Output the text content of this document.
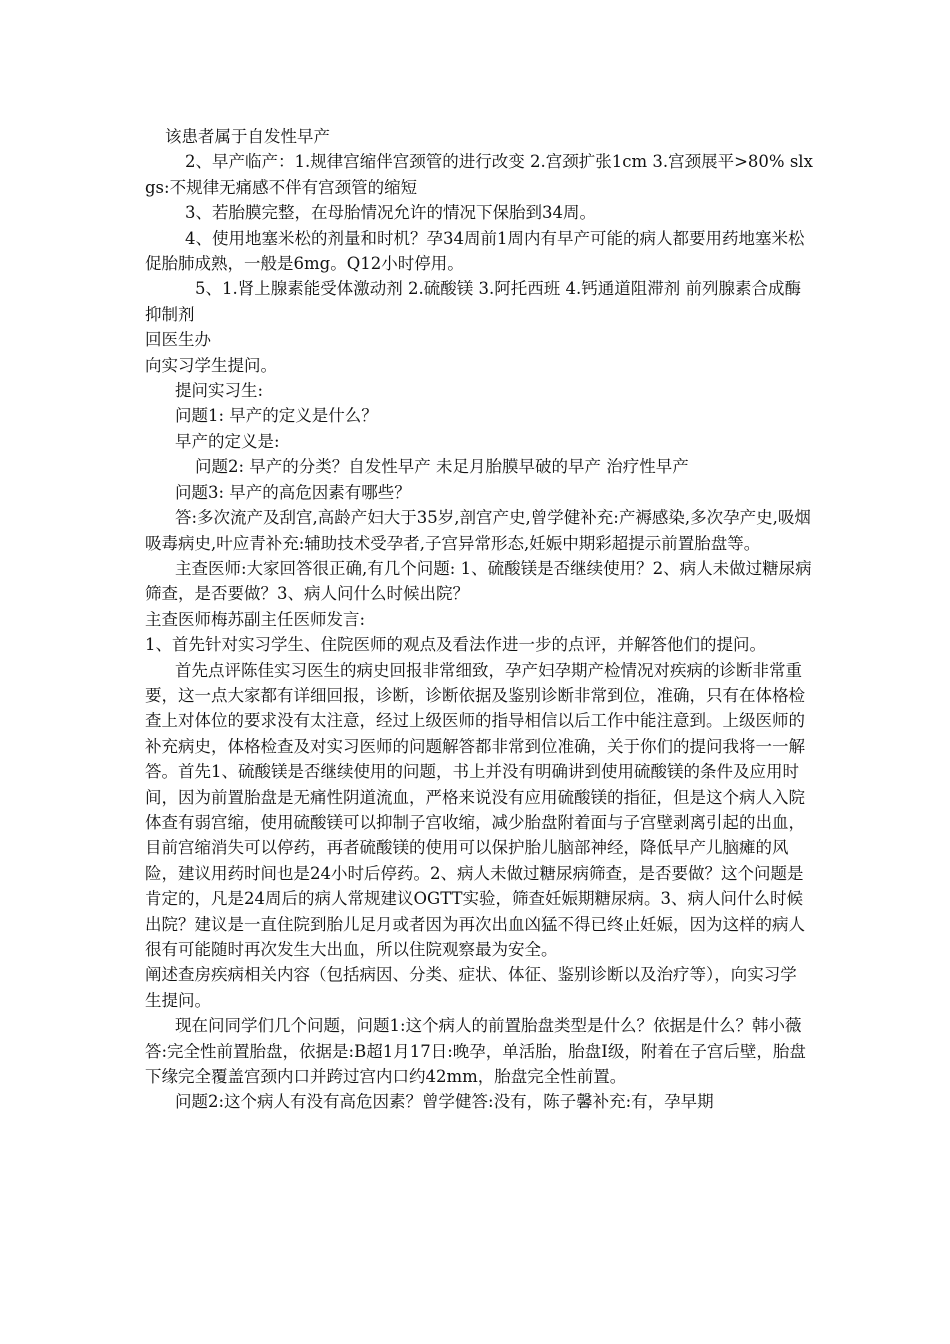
该患者属于自发性早产

2、早产临产：1.规律宫缩伴宫颈管的进行改变 2.宫颈扩张1cm 3.宫颈展平>80% slxgs:不规律无痛感不伴有宫颈管的缩短

3、若胎膜完整，在母胎情况允许的情况下保胎到34周。

4、使用地塞米松的剂量和时机？孕34周前1周内有早产可能的病人都要用药地塞米松促胎肺成熟，一般是6mg。Q12小时停用。

5、1.肾上腺素能受体激动剂 2.硫酸镁 3.阿托西班 4.钙通道阻滞剂 前列腺素合成酶抑制剂

回医生办

向实习学生提问。

提问实习生:

问题1: 早产的定义是什么？

早产的定义是:

问题2: 早产的分类？自发性早产 未足月胎膜早破的早产 治疗性早产

问题3: 早产的高危因素有哪些？

答:多次流产及刮宫,高龄产妇大于35岁,剖宫产史,曾学健补充:产褥感染,多次孕产史,吸烟吸毒病史,叶应青补充:辅助技术受孕者,子宫异常形态,妊娠中期彩超提示前置胎盘等。

主查医师:大家回答很正确,有几个问题: 1、硫酸镁是否继续使用？2、病人未做过糖尿病筛查，是否要做？3、病人问什么时候出院？

主查医师梅苏副主任医师发言:

1、首先针对实习学生、住院医师的观点及看法作进一步的点评，并解答他们的提问。

首先点评陈佳实习医生的病史回报非常细致，孕产妇孕期产检情况对疾病的诊断非常重要，这一点大家都有详细回报，诊断，诊断依据及鉴别诊断非常到位，准确，只有在体格检查上对体位的要求没有太注意，经过上级医师的指导相信以后工作中能注意到。上级医师的补充病史，体格检查及对实习医师的问题解答都非常到位准确，关于你们的提问我将一一解答。首先1、硫酸镁是否继续使用的问题，书上并没有明确讲到使用硫酸镁的条件及应用时间，因为前置胎盘是无痛性阴道流血，严格来说没有应用硫酸镁的指征，但是这个病人入院体查有弱宫缩，使用硫酸镁可以抑制子宫收缩，减少胎盘附着面与子宫壁剥离引起的出血，目前宫缩消失可以停药，再者硫酸镁的使用可以保护胎儿脑部神经，降低早产儿脑瘫的风险，建议用药时间也是24小时后停药。2、病人未做过糖尿病筛查，是否要做？这个问题是肯定的，凡是24周后的病人常规建议OGTT实验，筛查妊娠期糖尿病。3、病人问什么时候出院？建议是一直住院到胎儿足月或者因为再次出血凶猛不得已终止妊娠，因为这样的病人很有可能随时再次发生大出血，所以住院观察最为安全。

阐述查房疾病相关内容（包括病因、分类、症状、体征、鉴别诊断以及治疗等），向实习学生提问。

现在问同学们几个问题，问题1:这个病人的前置胎盘类型是什么？依据是什么？韩小薇答:完全性前置胎盘，依据是:B超1月17日:晚孕，单活胎，胎盘Ⅰ级，附着在子宫后壁，胎盘下缘完全覆盖宫颈内口并跨过宫内口约42mm，胎盘完全性前置。

问题2:这个病人有没有高危因素？曾学健答:没有，陈子馨补充:有，孕早期
